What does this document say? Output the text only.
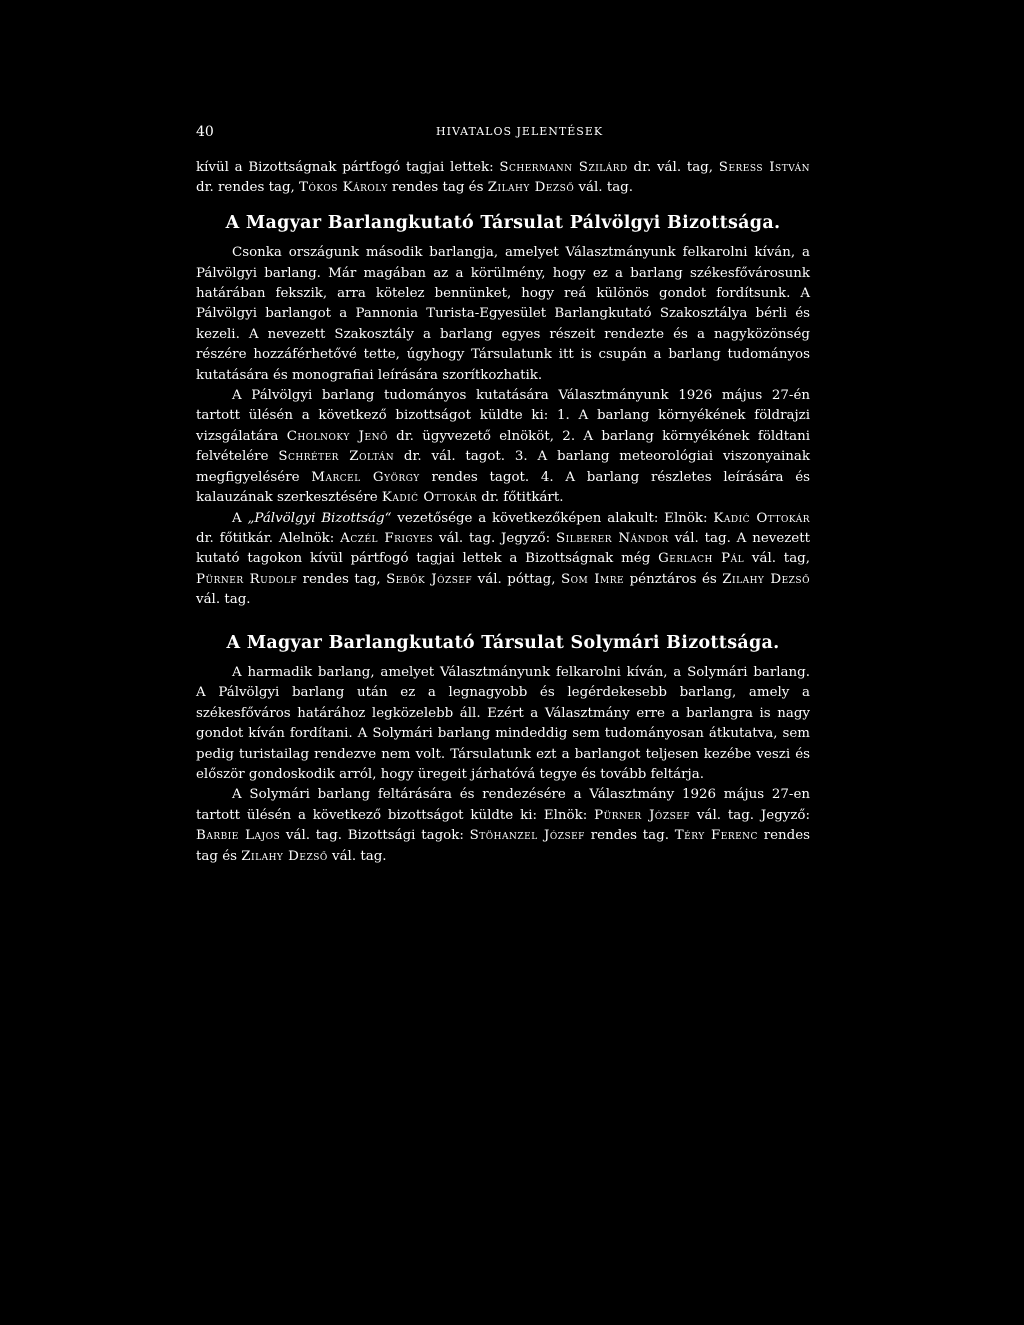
40	HIVATALOS JELENTÉSEK

kívül a Bizottságnak pártfogó tagjai lettek: Schermann Szilárd dr. vál. tag, Seress István dr. rendes tag, Tókos Károly rendes tag és Zilahy Dezső vál. tag.

A Magyar Barlangkutató Társulat Pálvölgyi Bizottsága.

Csonka országunk második barlangja, amelyet Választmányunk felkarolni kíván, a Pálvölgyi barlang. Már magában az a körülmény, hogy ez a barlang székesfővárosunk határában fekszik, arra kötelez bennünket, hogy reá különös gondot fordítsunk. A Pálvölgyi barlangot a Pannonia Turista-Egyesület Barlangkutató Szakosztálya bérli és kezeli. A nevezett Szakosztály a barlang egyes részeit rendezte és a nagyközönség részére hozzáférhetővé tette, úgyhogy Társulatunk itt is csupán a barlang tudományos kutatására és monografiai leírására szorítkozhatik.

A Pálvölgyi barlang tudományos kutatására Választmányunk 1926 május 27-én tartott ülésén a következő bizottságot küldte ki: 1. A barlang környékének földrajzi vizsgálatára Cholnoky Jenő dr. ügyvezető elnököt, 2. A barlang környékének földtani felvételére Schréter Zoltán dr. vál. tagot. 3. A barlang meteorológiai viszonyainak megfigyelésére Marcel György rendes tagot. 4. A barlang részletes leírására és kalauzának szerkesztésére Kadić Ottokár dr. főtitkárt.

A „Pálvölgyi Bizottság“ vezetősége a következőképen alakult: Elnök: Kadić Ottokár dr. főtitkár. Alelnök: Aczél Frigyes vál. tag. Jegyző: Silberer Nándor vál. tag. A nevezett kutató tagokon kívül pártfogó tagjai lettek a Bizottságnak még Gerlach Pál vál. tag, Pürner Rudolf rendes tag, Sebők József vál. póttag, Som Imre pénztáros és Zilahy Dezső vál. tag.

A Magyar Barlangkutató Társulat Solymári Bizottsága.

A harmadik barlang, amelyet Választmányunk felkarolni kíván, a Solymári barlang. A Pálvölgyi barlang után ez a legnagyobb és legérdekesebb barlang, amely a székesfőváros határához legközelebb áll. Ezért a Választmány erre a barlangra is nagy gondot kíván fordítani. A Solymári barlang mindeddig sem tudományosan átkutatva, sem pedig turistailag rendezve nem volt. Társulatunk ezt a barlangot teljesen kezébe veszi és először gondoskodik arról, hogy üregeit járhatóvá tegye és tovább feltárja.

A Solymári barlang feltárására és rendezésére a Választmány 1926 május 27-en tartott ülésén a következő bizottságot küldte ki: Elnök: Pürner József vál. tag. Jegyző: Barbie Lajos vál. tag. Bizottsági tagok: Stöhanzel József rendes tag. Téry Ferenc rendes tag és Zilahy Dezső vál. tag.
